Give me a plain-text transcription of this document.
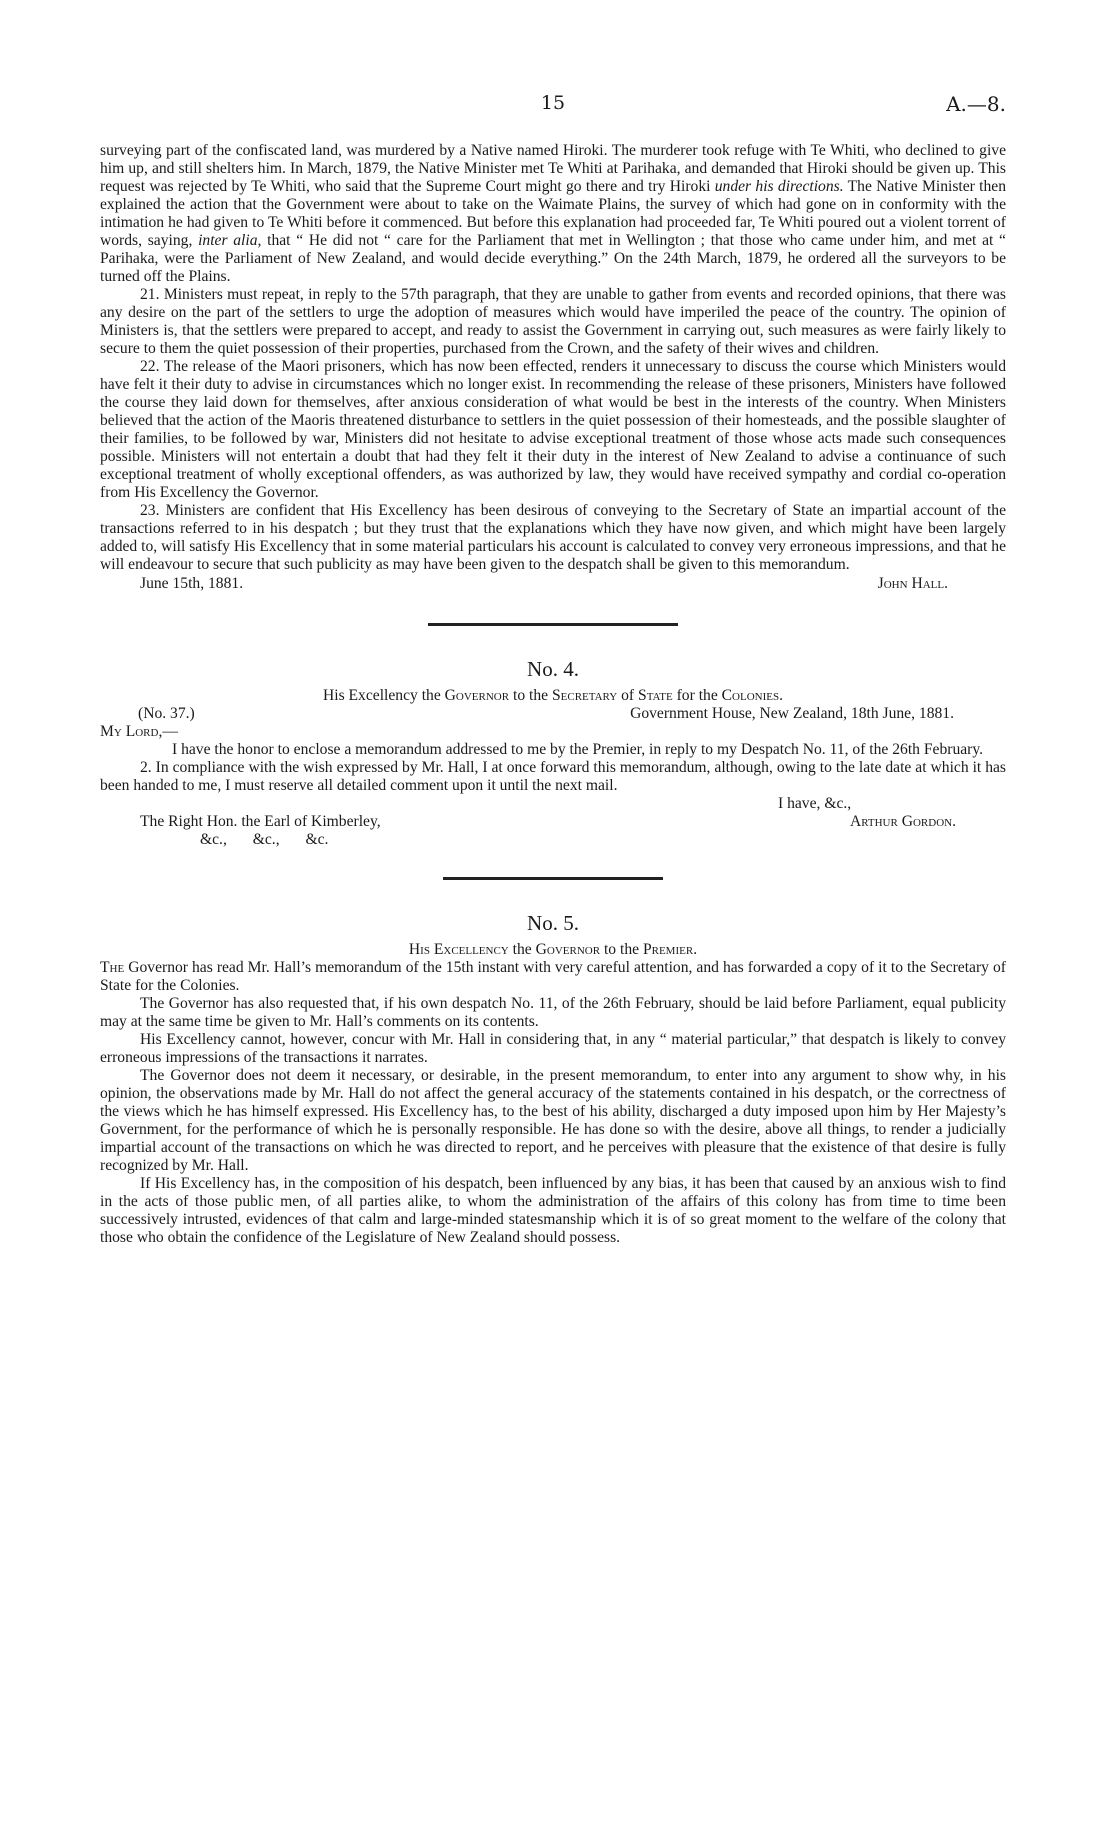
15	A.—8.

surveying part of the confiscated land, was murdered by a Native named Hiroki. The murderer took refuge with Te Whiti, who declined to give him up, and still shelters him. In March, 1879, the Native Minister met Te Whiti at Parihaka, and demanded that Hiroki should be given up. This request was rejected by Te Whiti, who said that the Supreme Court might go there and try Hiroki under his directions. The Native Minister then explained the action that the Government were about to take on the Waimate Plains, the survey of which had gone on in conformity with the intimation he had given to Te Whiti before it commenced. But before this explanation had proceeded far, Te Whiti poured out a violent torrent of words, saying, inter alia, that “ He did not “ care for the Parliament that met in Wellington ; that those who came under him, and met at “ Parihaka, were the Parliament of New Zealand, and would decide everything.” On the 24th March, 1879, he ordered all the surveyors to be turned off the Plains.

21. Ministers must repeat, in reply to the 57th paragraph, that they are unable to gather from events and recorded opinions, that there was any desire on the part of the settlers to urge the adoption of measures which would have imperiled the peace of the country. The opinion of Ministers is, that the settlers were prepared to accept, and ready to assist the Government in carrying out, such measures as were fairly likely to secure to them the quiet possession of their properties, purchased from the Crown, and the safety of their wives and children.

22. The release of the Maori prisoners, which has now been effected, renders it unnecessary to discuss the course which Ministers would have felt it their duty to advise in circumstances which no longer exist. In recommending the release of these prisoners, Ministers have followed the course they laid down for themselves, after anxious consideration of what would be best in the interests of the country. When Ministers believed that the action of the Maoris threatened disturbance to settlers in the quiet possession of their homesteads, and the possible slaughter of their families, to be followed by war, Ministers did not hesitate to advise exceptional treatment of those whose acts made such consequences possible. Ministers will not entertain a doubt that had they felt it their duty in the interest of New Zealand to advise a continuance of such exceptional treatment of wholly exceptional offenders, as was authorized by law, they would have received sympathy and cordial co-operation from His Excellency the Governor.

23. Ministers are confident that His Excellency has been desirous of conveying to the Secretary of State an impartial account of the transactions referred to in his despatch ; but they trust that the explanations which they have now given, and which might have been largely added to, will satisfy His Excellency that in some material particulars his account is calculated to convey very erroneous impressions, and that he will endeavour to secure that such publicity as may have been given to the despatch shall be given to this memorandum.

June 15th, 1881.	John Hall.
No. 4.
His Excellency the Governor to the Secretary of State for the Colonies.
(No. 37.)	Government House, New Zealand, 18th June, 1881.
My Lord,—

I have the honor to enclose a memorandum addressed to me by the Premier, in reply to my Despatch No. 11, of the 26th February.

2. In compliance with the wish expressed by Mr. Hall, I at once forward this memorandum, although, owing to the late date at which it has been handed to me, I must reserve all detailed comment upon it until the next mail.

I have, &c.,
The Right Hon. the Earl of Kimberley,	Arthur Gordon.
&c., &c., &c.
No. 5.
His Excellency the Governor to the Premier.

The Governor has read Mr. Hall’s memorandum of the 15th instant with very careful attention, and has forwarded a copy of it to the Secretary of State for the Colonies.

The Governor has also requested that, if his own despatch No. 11, of the 26th February, should be laid before Parliament, equal publicity may at the same time be given to Mr. Hall’s comments on its contents.

His Excellency cannot, however, concur with Mr. Hall in considering that, in any “ material particular,” that despatch is likely to convey erroneous impressions of the transactions it narrates.

The Governor does not deem it necessary, or desirable, in the present memorandum, to enter into any argument to show why, in his opinion, the observations made by Mr. Hall do not affect the general accuracy of the statements contained in his despatch, or the correctness of the views which he has himself expressed. His Excellency has, to the best of his ability, discharged a duty imposed upon him by Her Majesty’s Government, for the performance of which he is personally responsible. He has done so with the desire, above all things, to render a judicially impartial account of the transactions on which he was directed to report, and he perceives with pleasure that the existence of that desire is fully recognized by Mr. Hall.

If His Excellency has, in the composition of his despatch, been influenced by any bias, it has been that caused by an anxious wish to find in the acts of those public men, of all parties alike, to whom the administration of the affairs of this colony has from time to time been successively intrusted, evidences of that calm and large-minded statesmanship which it is of so great moment to the welfare of the colony that those who obtain the confidence of the Legislature of New Zealand should possess.
